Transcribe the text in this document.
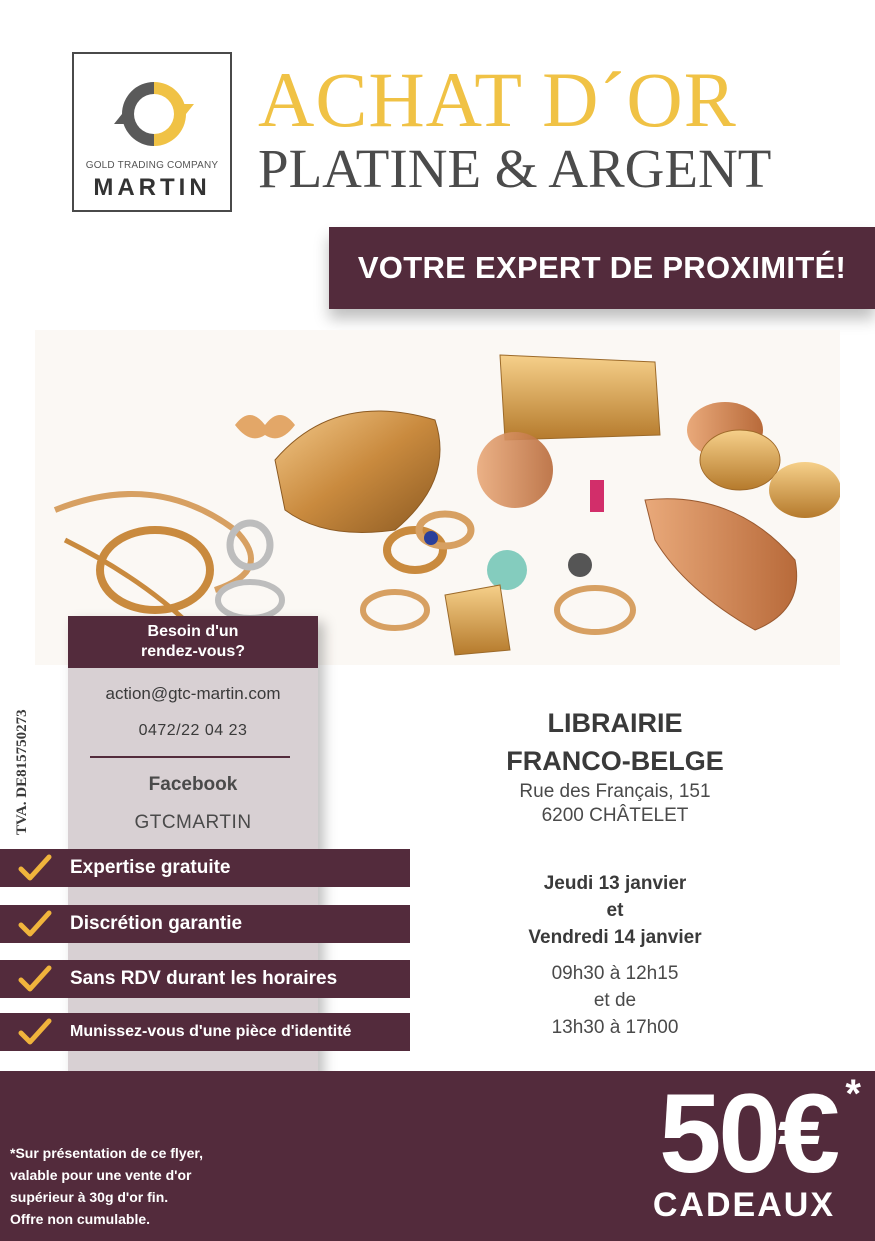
GOLD TRADING COMPANY
MARTIN
ACHAT D´OR
PLATINE & ARGENT
VOTRE EXPERT DE PROXIMITÉ!
Besoin d'un
rendez-vous?
action@gtc-martin.com
0472/22 04 23
Facebook
GTCMARTIN
TVA. DE815750273
Expertise gratuite
Discrétion garantie
Sans RDV durant les horaires
Munissez-vous d'une pièce d'identité
LIBRAIRIE
FRANCO-BELGE
Rue des Français, 151
6200 CHÂTELET
Jeudi 13 janvier
et
Vendredi 14 janvier
09h30 à 12h15
et de
13h30 à 17h00
*Sur présentation de ce flyer,
valable pour une vente d'or
supérieur à 30g d'or fin.
Offre non cumulable.
50€ *
CADEAUX
